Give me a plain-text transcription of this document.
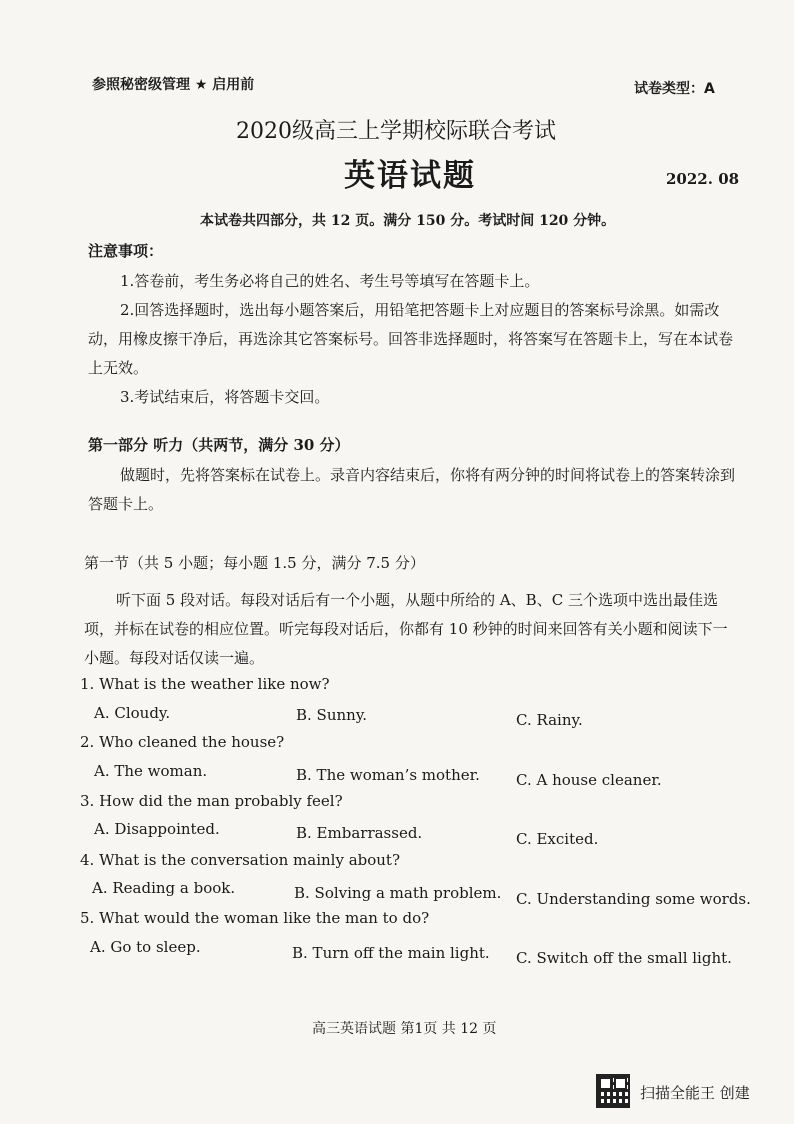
参照秘密级管理 ★ 启用前	试卷类型：A
2020级高三上学期校际联合考试
英语试题	2022. 08
本试卷共四部分，共 12 页。满分 150 分。考试时间 120 分钟。
注意事项：

1.答卷前，考生务必将自己的姓名、考生号等填写在答题卡上。

2.回答选择题时，选出每小题答案后，用铅笔把答题卡上对应题目的答案标号涂黑。如需改动，用橡皮擦干净后，再选涂其它答案标号。回答非选择题时，将答案写在答题卡上，写在本试卷上无效。

3.考试结束后，将答题卡交回。

第一部分 听力（共两节，满分 30 分）

做题时，先将答案标在试卷上。录音内容结束后，你将有两分钟的时间将试卷上的答案转涂到答题卡上。

第一节（共 5 小题；每小题 1.5 分，满分 7.5 分）

听下面 5 段对话。每段对话后有一个小题，从题中所给的 A、B、C 三个选项中选出最佳选项，并标在试卷的相应位置。听完每段对话后，你都有 10 秒钟的时间来回答有关小题和阅读下一小题。每段对话仅读一遍。

1. What is the weather like now?
A. Cloudy.	B. Sunny.	C. Rainy.
2. Who cleaned the house?
A. The woman.	B. The woman’s mother. C. A house cleaner.
3. How did the man probably feel?
A. Disappointed.	B. Embarrassed.	C. Excited.
4. What is the conversation mainly about?
A. Reading a book.	B. Solving a math problem. C. Understanding some words.
5. What would the woman like the man to do?
A. Go to sleep.	B. Turn off the main light. C. Switch off the small light.
高三英语试题 第1页 共 12 页
扫描全能王 创建
